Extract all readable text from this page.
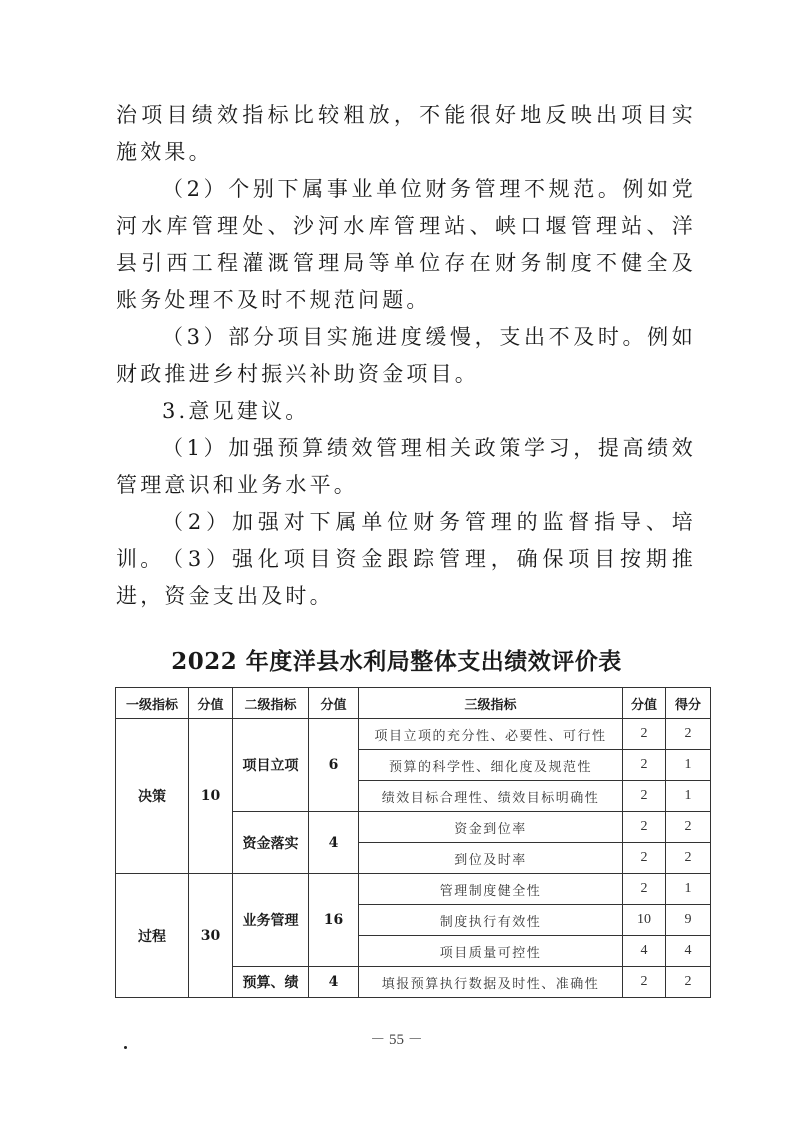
治项目绩效指标比较粗放，不能很好地反映出项目实施效果。

（2）个别下属事业单位财务管理不规范。例如党河水库管理处、沙河水库管理站、峡口堰管理站、洋县引西工程灌溉管理局等单位存在财务制度不健全及账务处理不及时不规范问题。

（3）部分项目实施进度缓慢，支出不及时。例如财政推进乡村振兴补助资金项目。

3.意见建议。

（1）加强预算绩效管理相关政策学习，提高绩效管理意识和业务水平。

（2）加强对下属单位财务管理的监督指导、培训。

（3）强化项目资金跟踪管理，确保项目按期推进，资金支出及时。

2022 年度洋县水利局整体支出绩效评价表
一级指标	分值	二级指标	分值	三级指标	分值	得分
决策	10	项目立项	6	项目立项的充分性、必要性、可行性	2	2
				预算的科学性、细化度及规范性	2	1
				绩效目标合理性、绩效目标明确性	2	1
		资金落实	4	资金到位率	2	2
				到位及时率	2	2
过程	30	业务管理	16	管理制度健全性	2	1
				制度执行有效性	10	9
				项目质量可控性	4	4
		预算、绩	4	填报预算执行数据及时性、准确性	2	2
－ 55 －
